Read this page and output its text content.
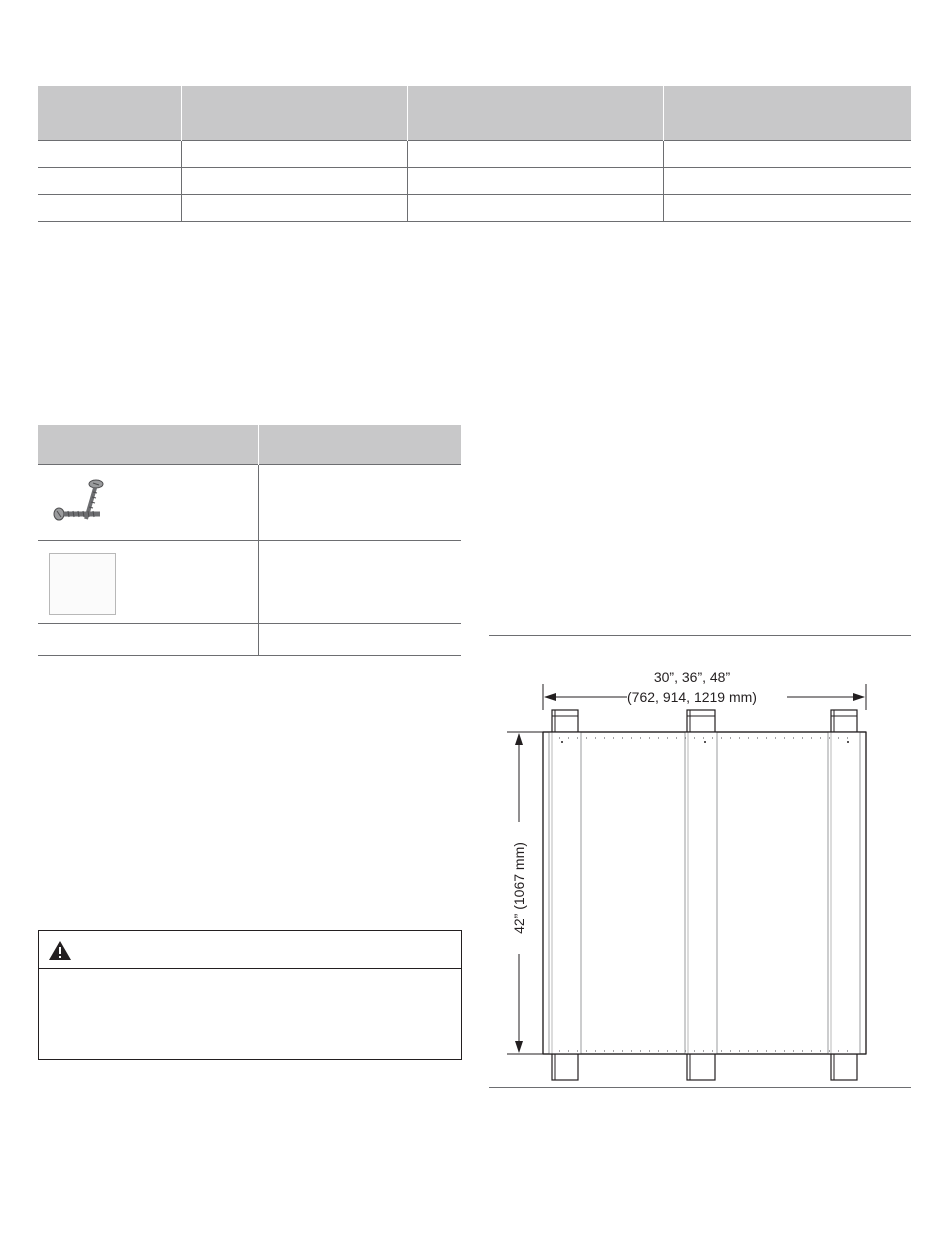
30”, 36”, 48”
(762, 914, 1219 mm)
42” (1067 mm)
